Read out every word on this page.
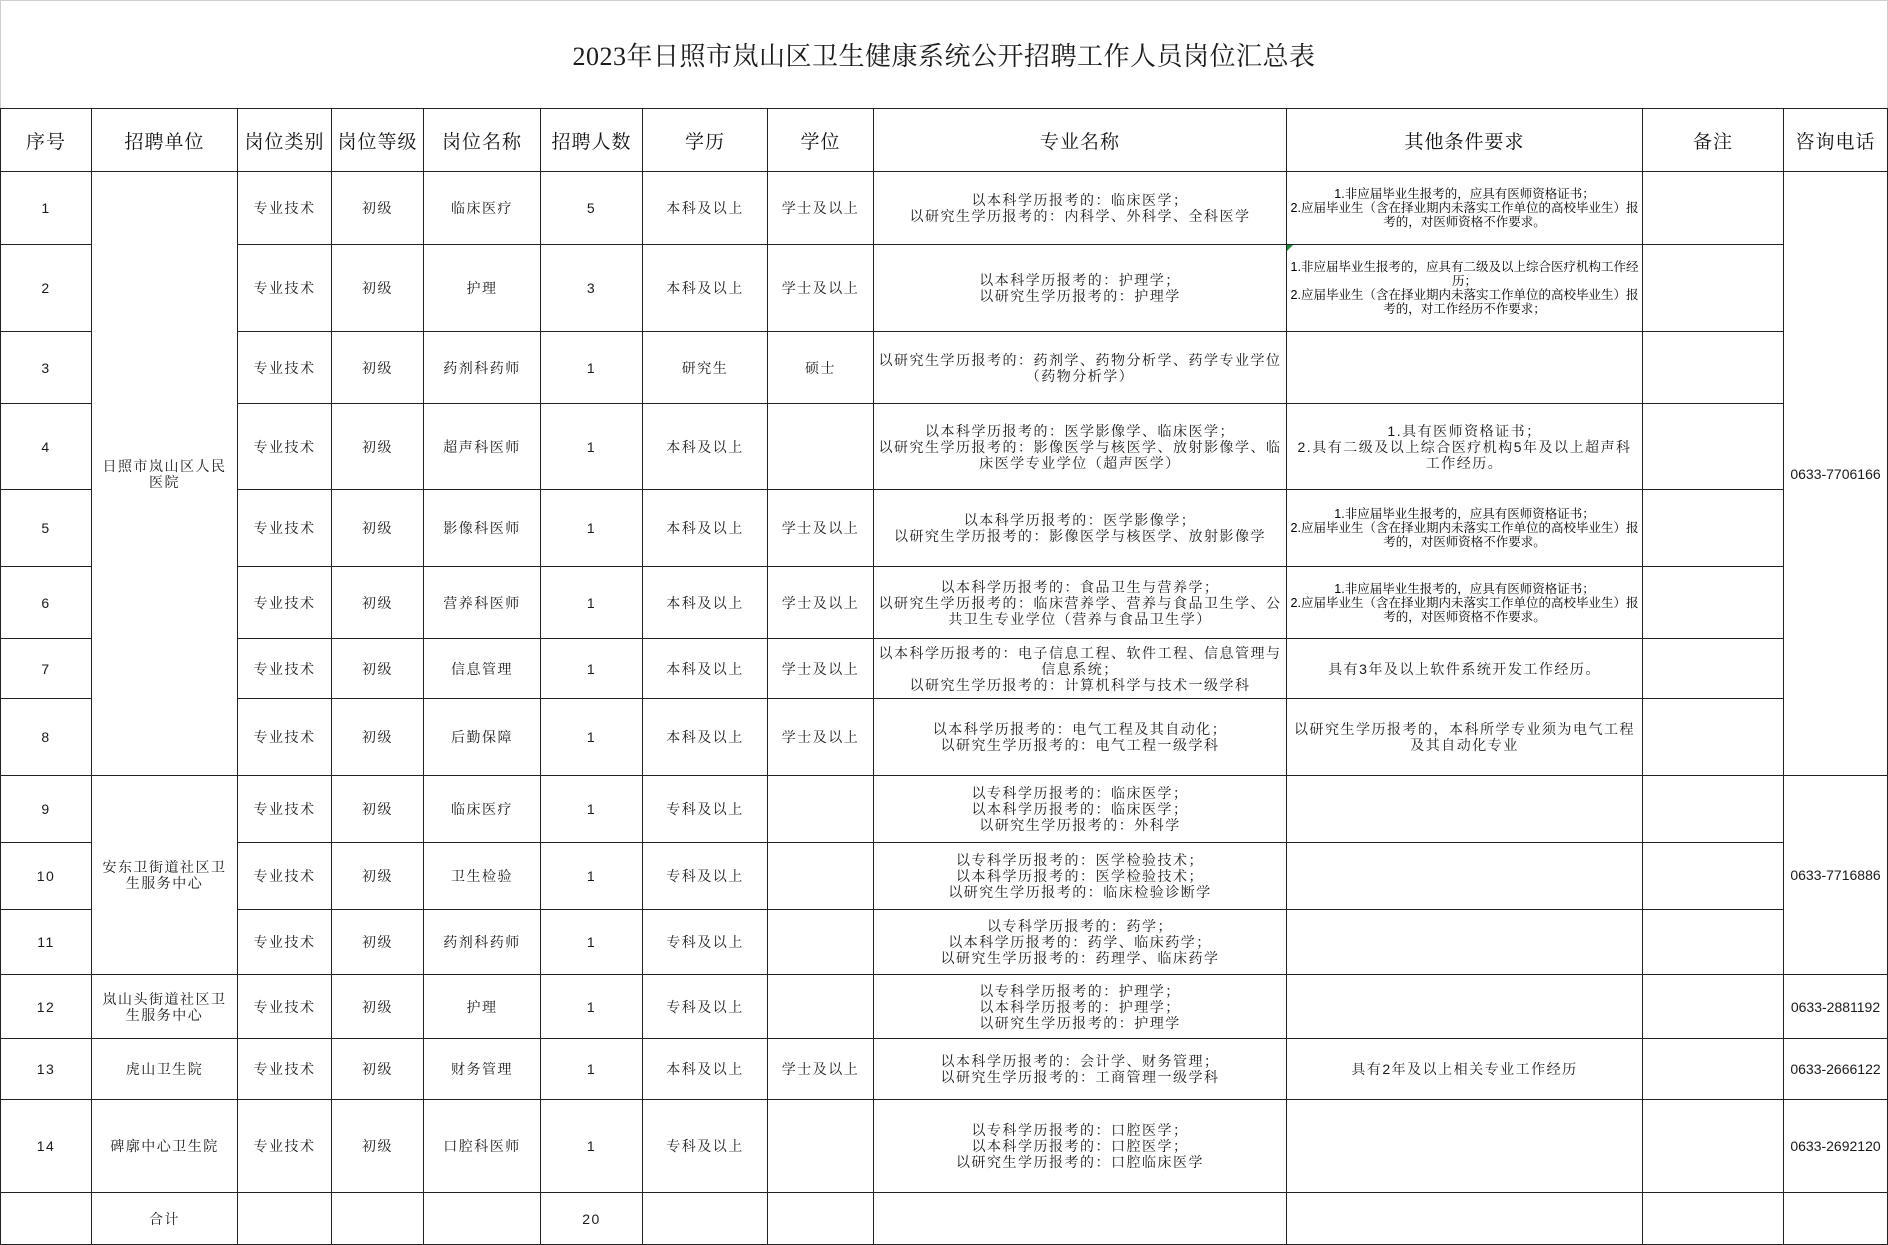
2023年日照市岚山区卫生健康系统公开招聘工作人员岗位汇总表
序号	招聘单位	岗位类别	岗位等级	岗位名称	招聘人数	学历	学位	专业名称	其他条件要求	备注	咨询电话
1	日照市岚山区人民医院	专业技术	初级	临床医疗	5	本科及以上	学士及以上	以本科学历报考的：临床医学；
以研究生学历报考的：内科学、外科学、全科医学	1.非应届毕业生报考的，应具有医师资格证书；
2.应届毕业生（含在择业期内未落实工作单位的高校毕业生）报考的，对医师资格不作要求。		0633-7706166
2		专业技术	初级	护理	3	本科及以上	学士及以上	以本科学历报考的：护理学；
以研究生学历报考的：护理学	1.非应届毕业生报考的，应具有二级及以上综合医疗机构工作经历；
2.应届毕业生（含在择业期内未落实工作单位的高校毕业生）报考的，对工作经历不作要求；		

3		专业技术	初级	药剂科药师	1	研究生	硕士	以研究生学历报考的：药剂学、药物分析学、药学专业学位（药物分析学）			

4		专业技术	初级	超声科医师	1	本科及以上		以本科学历报考的：医学影像学、临床医学；
以研究生学历报考的：影像医学与核医学、放射影像学、临床医学专业学位（超声医学）	1.具有医师资格证书；
2.具有二级及以上综合医疗机构5年及以上超声科工作经历。		

5		专业技术	初级	影像科医师	1	本科及以上	学士及以上	以本科学历报考的：医学影像学；
以研究生学历报考的：影像医学与核医学、放射影像学	1.非应届毕业生报考的，应具有医师资格证书；
2.应届毕业生（含在择业期内未落实工作单位的高校毕业生）报考的，对医师资格不作要求。		

6		专业技术	初级	营养科医师	1	本科及以上	学士及以上	以本科学历报考的：食品卫生与营养学；
以研究生学历报考的：临床营养学、营养与食品卫生学、公共卫生专业学位（营养与食品卫生学）	1.非应届毕业生报考的，应具有医师资格证书；
2.应届毕业生（含在择业期内未落实工作单位的高校毕业生）报考的，对医师资格不作要求。		

7		专业技术	初级	信息管理	1	本科及以上	学士及以上	以本科学历报考的：电子信息工程、软件工程、信息管理与信息系统；
以研究生学历报考的：计算机科学与技术一级学科	具有3年及以上软件系统开发工作经历。		

8		专业技术	初级	后勤保障	1	本科及以上	学士及以上	以本科学历报考的：电气工程及其自动化；
以研究生学历报考的：电气工程一级学科	以研究生学历报考的，本科所学专业须为电气工程及其自动化专业		

9	安东卫街道社区卫生服务中心	专业技术	初级	临床医疗	1	专科及以上		以专科学历报考的：临床医学；
以本科学历报考的：临床医学；
以研究生学历报考的：外科学			0633-7716886
10		专业技术	初级	卫生检验	1	专科及以上		以专科学历报考的：医学检验技术；
以本科学历报考的：医学检验技术；
以研究生学历报考的：临床检验诊断学			

11		专业技术	初级	药剂科药师	1	专科及以上		以专科学历报考的：药学；
以本科学历报考的：药学、临床药学；
以研究生学历报考的：药理学、临床药学			

12	岚山头街道社区卫生服务中心	专业技术	初级	护理	1	专科及以上		以专科学历报考的：护理学；
以本科学历报考的：护理学；
以研究生学历报考的：护理学			0633-2881192
13	虎山卫生院	专业技术	初级	财务管理	1	本科及以上	学士及以上	以本科学历报考的：会计学、财务管理；
以研究生学历报考的：工商管理一级学科	具有2年及以上相关专业工作经历		0633-2666122
14	碑廓中心卫生院	专业技术	初级	口腔科医师	1	专科及以上		以专科学历报考的：口腔医学；
以本科学历报考的：口腔医学；
以研究生学历报考的：口腔临床医学			0633-2692120
	合计				20						
